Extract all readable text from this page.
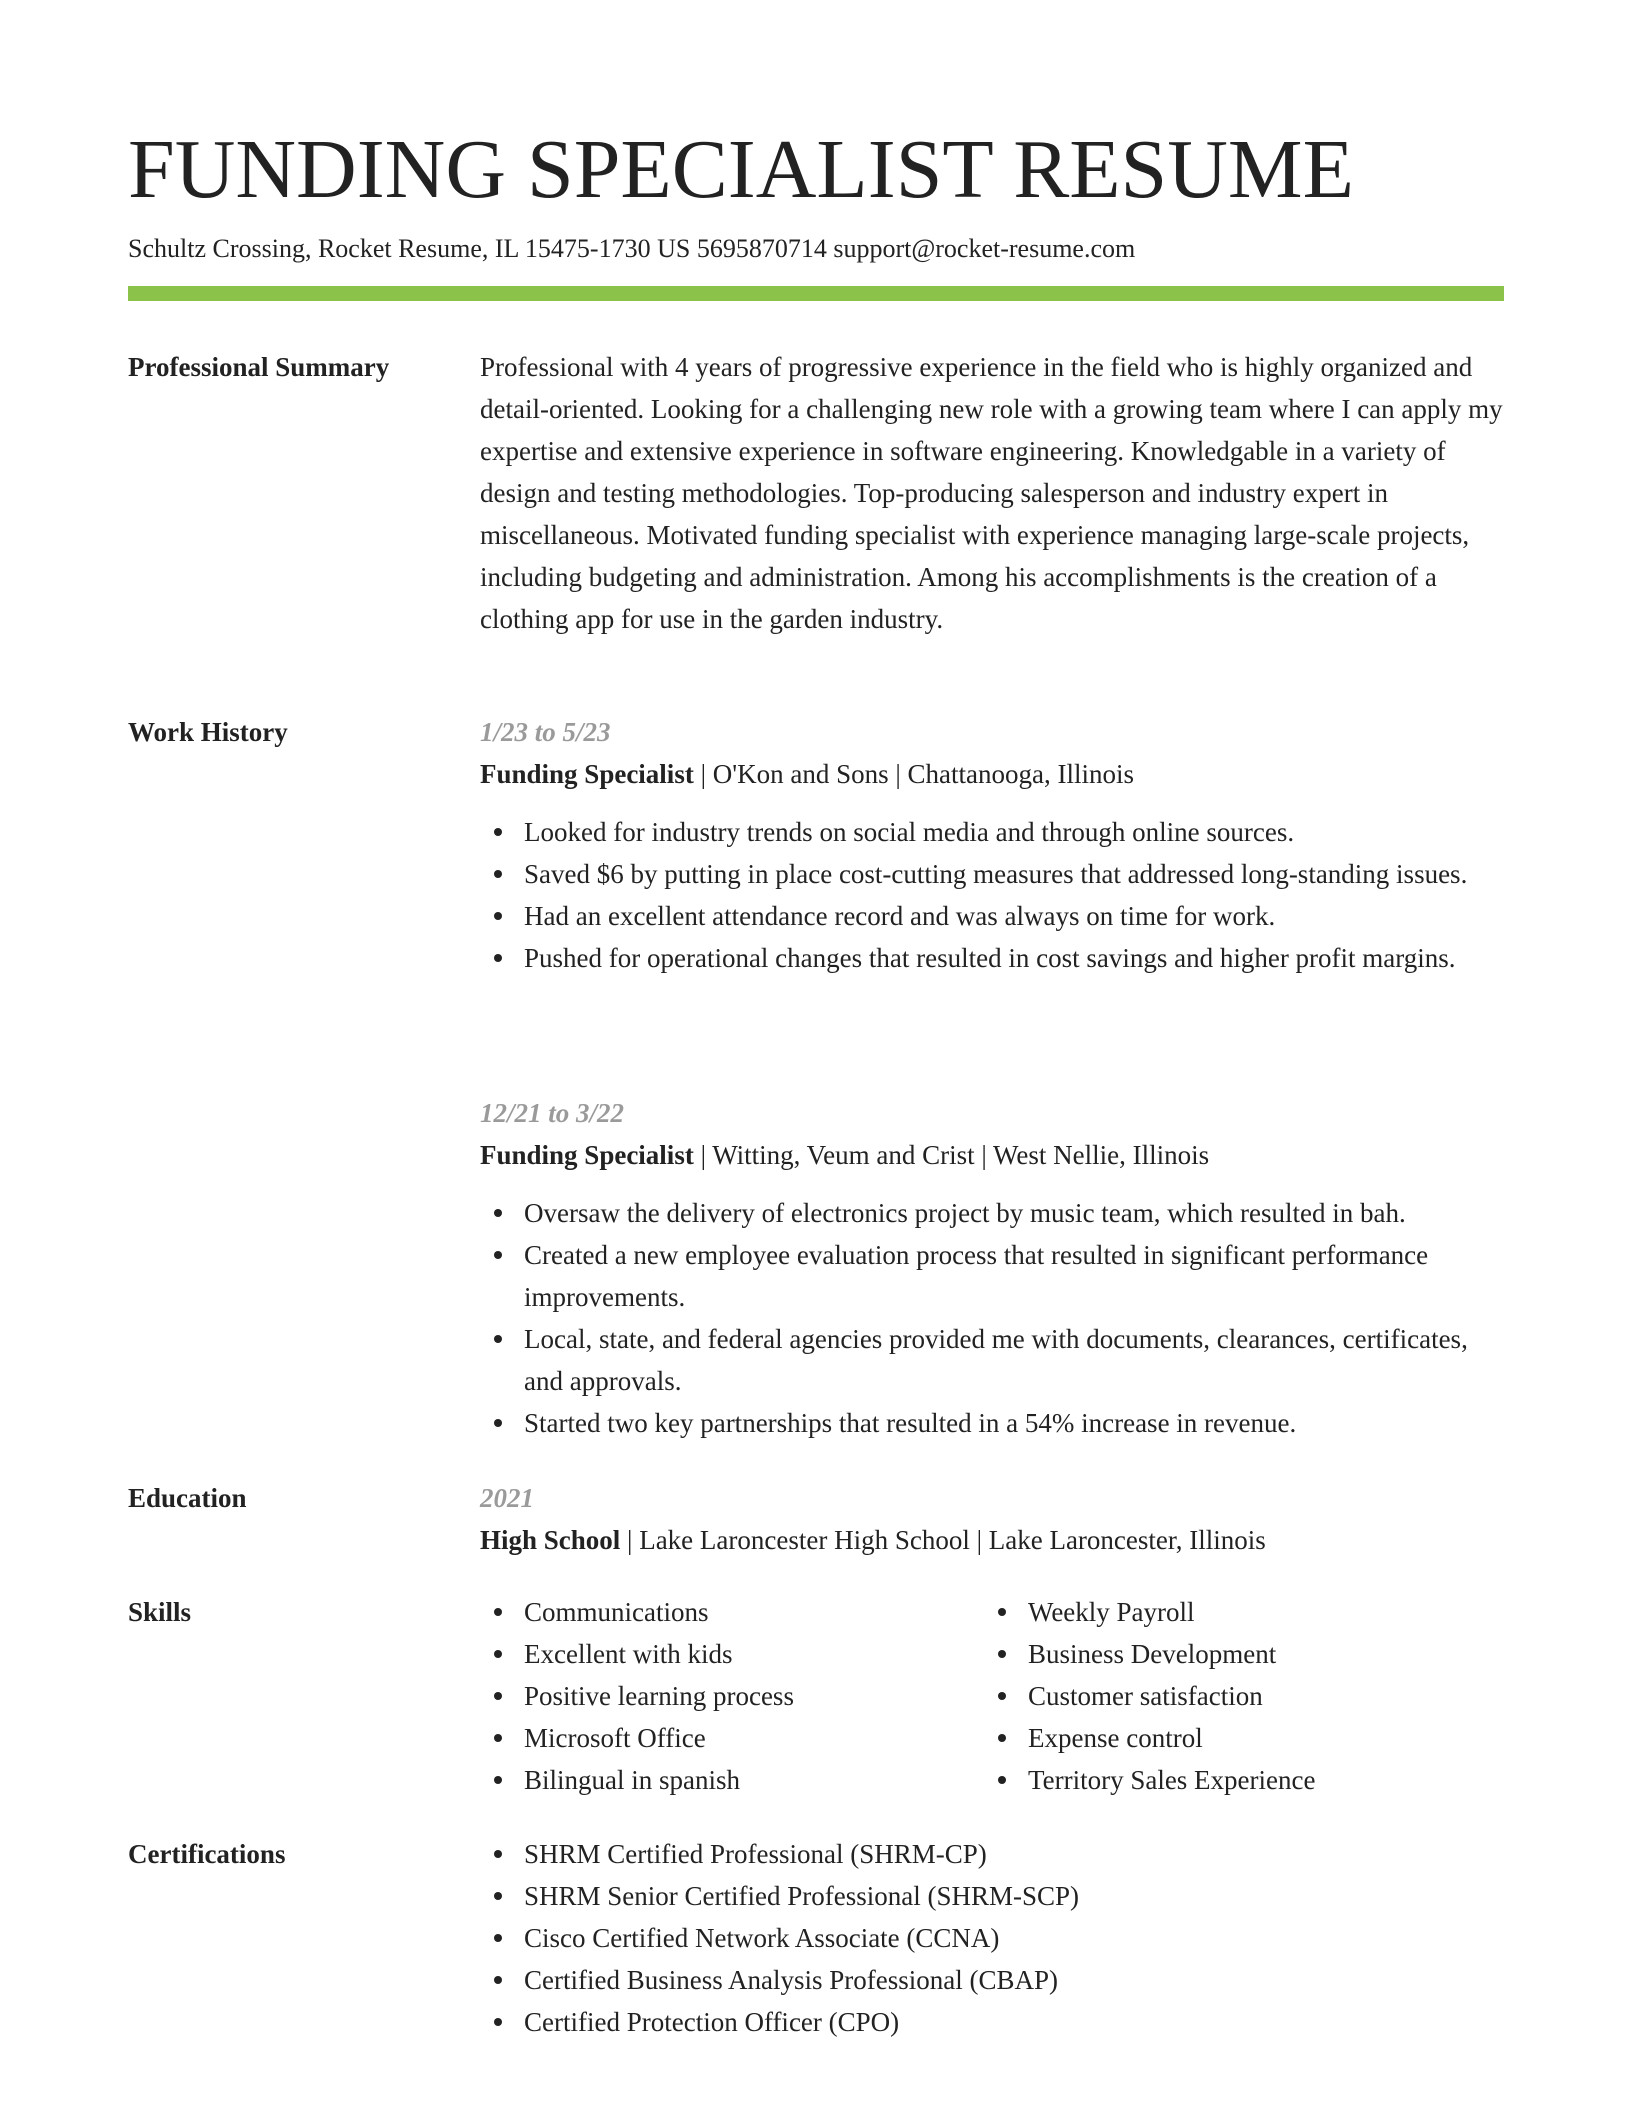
FUNDING SPECIALIST RESUME
Schultz Crossing, Rocket Resume, IL 15475-1730 US 5695870714 support@rocket-resume.com
Professional Summary	Professional with 4 years of progressive experience in the field who is highly organized and detail-oriented. Looking for a challenging new role with a growing team where I can apply my expertise and extensive experience in software engineering. Knowledgable in a variety of design and testing methodologies. Top-producing salesperson and industry expert in miscellaneous. Motivated funding specialist with experience managing large-scale projects, including budgeting and administration. Among his accomplishments is the creation of a clothing app for use in the garden industry.

Work History	1/23 to 5/23
Funding Specialist | O'Kon and Sons | Chattanooga, Illinois
Looked for industry trends on social media and through online sources.
Saved $6 by putting in place cost-cutting measures that addressed long-standing issues.
Had an excellent attendance record and was always on time for work.
Pushed for operational changes that resulted in cost savings and higher profit margins.
12/21 to 3/22
Funding Specialist | Witting, Veum and Crist | West Nellie, Illinois
Oversaw the delivery of electronics project by music team, which resulted in bah.
Created a new employee evaluation process that resulted in significant performance improvements.
Local, state, and federal agencies provided me with documents, clearances, certificates, and approvals.
Started two key partnerships that resulted in a 54% increase in revenue.
Education	2021
High School | Lake Laroncester High School | Lake Laroncester, Illinois
Skills	Communications
Excellent with kids
Positive learning process
Microsoft Office
Bilingual in spanish
Weekly Payroll
Business Development
Customer satisfaction
Expense control
Territory Sales Experience
Certifications	SHRM Certified Professional (SHRM-CP)
SHRM Senior Certified Professional (SHRM-SCP)
Cisco Certified Network Associate (CCNA)
Certified Business Analysis Professional (CBAP)
Certified Protection Officer (CPO)
